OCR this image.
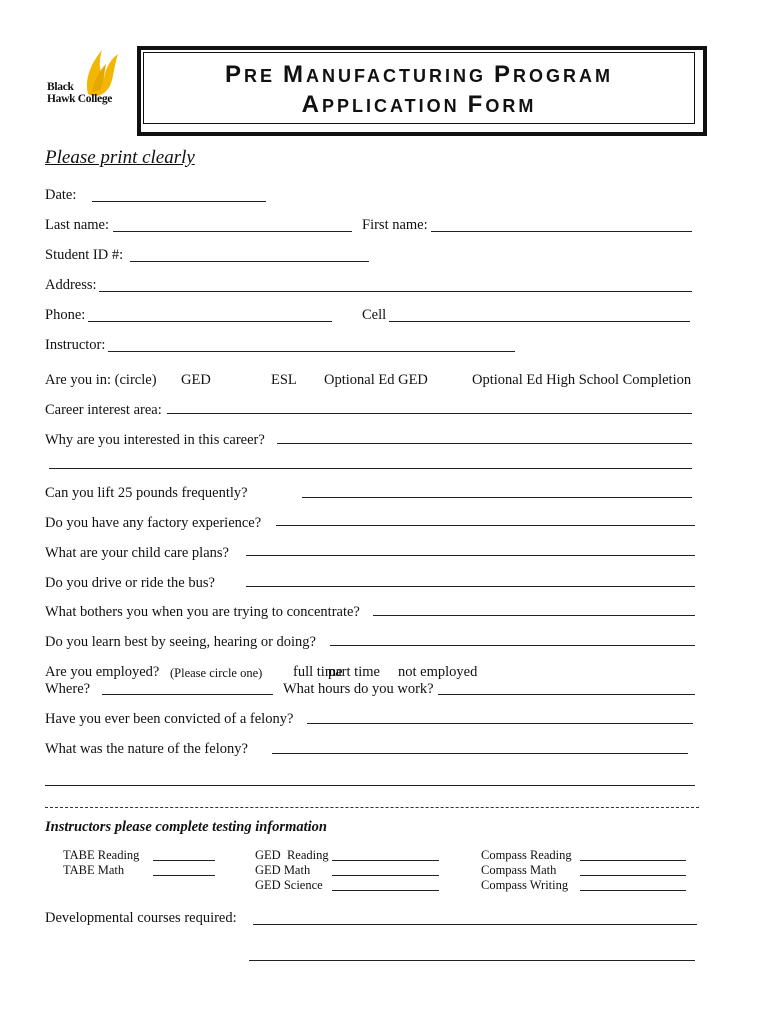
Black
Hawk College
PRE MANUFACTURING PROGRAM
APPLICATION FORM
Please print clearly
Date:
Last name:	First name:
Student ID #:
Address:
Phone:	Cell
Instructor:
Are you in: (circle) GED	ESL Optional Ed GED	Optional Ed High School Completion
Career interest area:
Why are you interested in this career?
Can you lift 25 pounds frequently?
Do you have any factory experience?
What are your child care plans?
Do you drive or ride the bus?
What bothers you when you are trying to concentrate?
Do you learn best by seeing, hearing or doing?
Are you employed? (Please circle one) full time
part time not employed
Where?	What hours do you work?
Have you ever been convicted of a felony?
What was the nature of the felony?
Instructors please complete testing information
TABE Reading
TABE Math
GED  Reading
GED Math
GED Science
Compass Reading
Compass Math
Compass Writing
Developmental courses required:
